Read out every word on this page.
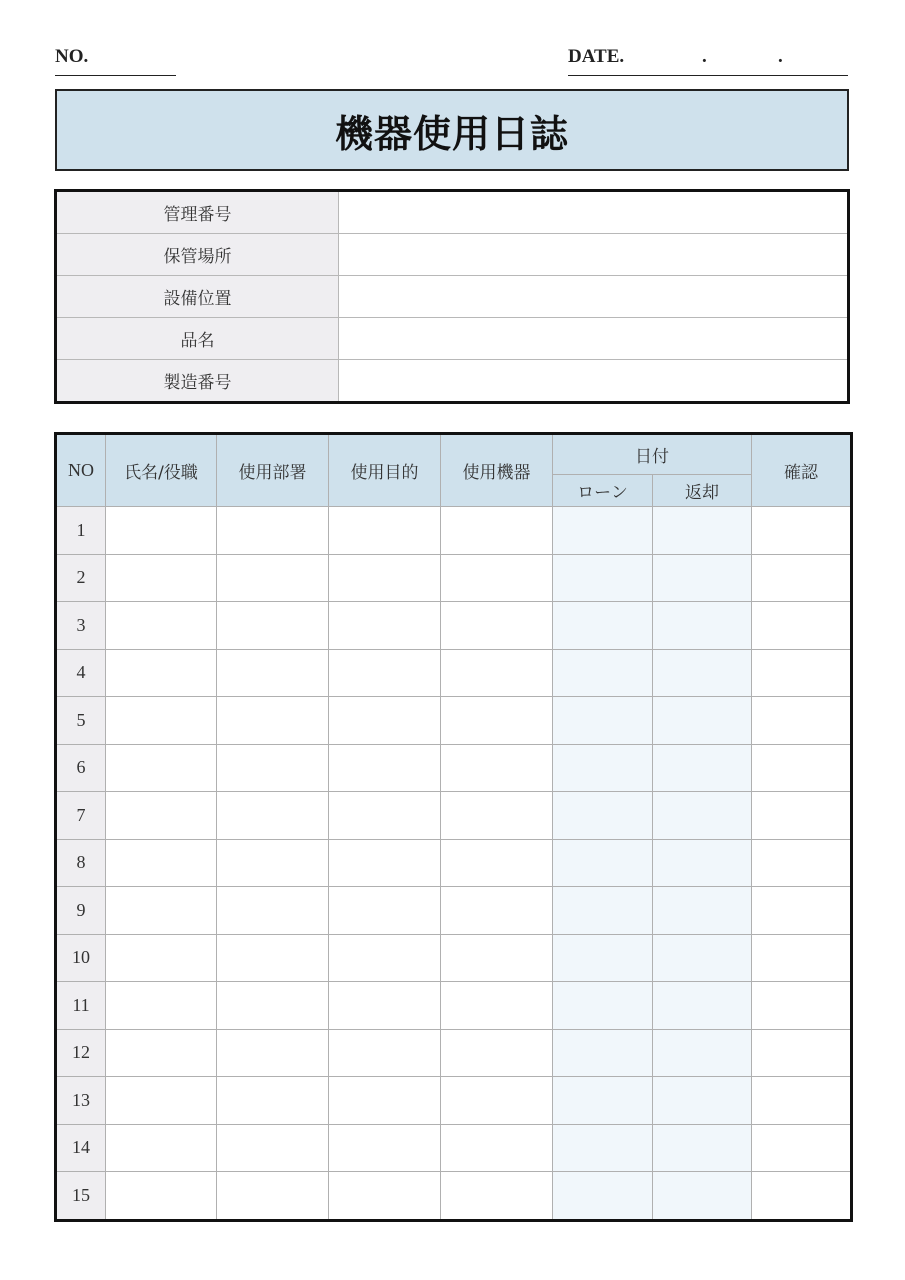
NO.	DATE.	.	.
機器使用日誌
管理番号	
保管場所	
設備位置	
品名	
製造番号	
NO	氏名/役職	使用部署	使用目的	使用機器	日付		確認
					ローン	返却	
1							
2							
3							
4							
5							
6							
7							
8							
9							
10							
11							
12							
13							
14							
15							
